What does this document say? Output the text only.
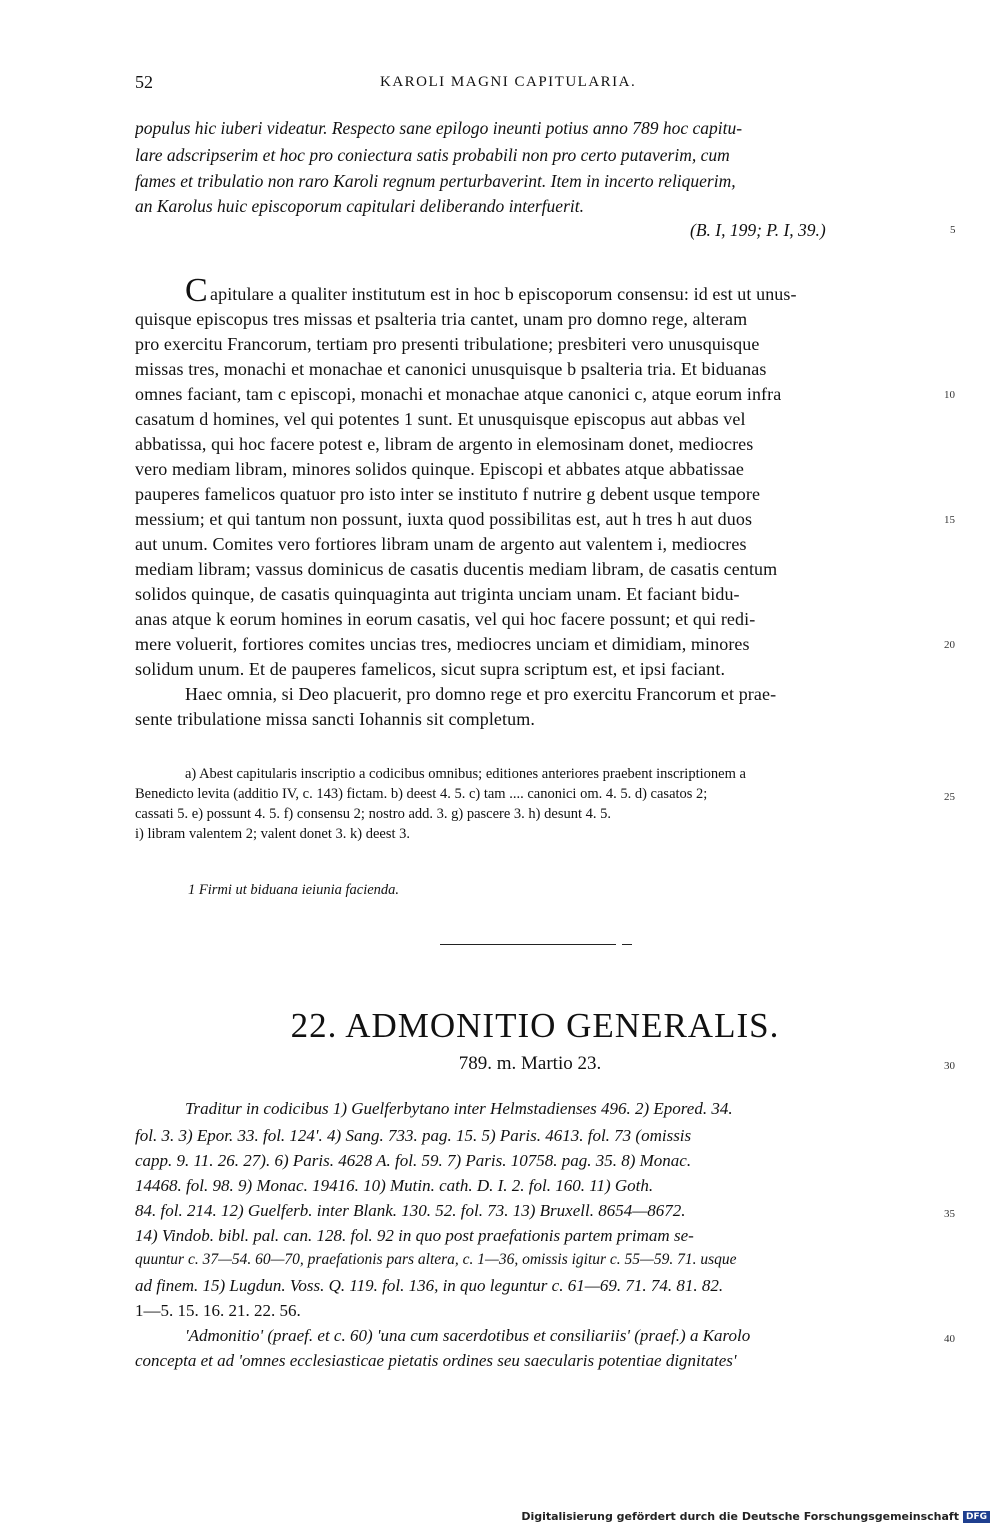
52	KAROLI MAGNI CAPITULARIA.
populus hic iuberi videatur. Respecto sane epilogo ineunti potius anno 789 hoc capitu-
lare adscripserim et hoc pro coniectura satis probabili non pro certo putaverim, cum
fames et tribulatio non raro Karoli regnum perturbaverint. Item in incerto reliquerim,
an Karolus huic episcoporum capitulari deliberando interfuerit.
(B. I, 199; P. I, 39.)
C apitulare a qualiter institutum est in hoc b episcoporum consensu: id est ut unus-
quisque episcopus tres missas et psalteria tria cantet, unam pro domno rege, alteram
pro exercitu Francorum, tertiam pro presenti tribulatione; presbiteri vero unusquisque
missas tres, monachi et monachae et canonici unusquisque b psalteria tria. Et biduanas
omnes faciant, tam c episcopi, monachi et monachae atque canonici c, atque eorum infra
casatum d homines, vel qui potentes 1 sunt. Et unusquisque episcopus aut abbas vel
abbatissa, qui hoc facere potest e, libram de argento in elemosinam donet, mediocres
vero mediam libram, minores solidos quinque. Episcopi et abbates atque abbatissae
pauperes famelicos quatuor pro isto inter se instituto f nutrire g debent usque tempore
messium; et qui tantum non possunt, iuxta quod possibilitas est, aut h tres h aut duos
aut unum. Comites vero fortiores libram unam de argento aut valentem i, mediocres
mediam libram; vassus dominicus de casatis ducentis mediam libram, de casatis centum
solidos quinque, de casatis quinquaginta aut triginta unciam unam. Et faciant bidu-
anas atque k eorum homines in eorum casatis, vel qui hoc facere possunt; et qui redi-
mere voluerit, fortiores comites uncias tres, mediocres unciam et dimidiam, minores
solidum unum. Et de pauperes famelicos, sicut supra scriptum est, et ipsi faciant.
Haec omnia, si Deo placuerit, pro domno rege et pro exercitu Francorum et prae-
sente tribulatione missa sancti Iohannis sit completum.
a) Abest capitularis inscriptio a codicibus omnibus; editiones anteriores praebent inscriptionem a
Benedicto levita (additio IV, c. 143) fictam. b) deest 4. 5. c) tam .... canonici om. 4. 5. d) casatos 2;
cassati 5. e) possunt 4. 5. f) consensu 2; nostro add. 3. g) pascere 3. h) desunt 4. 5.
i) libram valentem 2; valent donet 3. k) deest 3.
1 Firmi ut biduana ieiunia facienda.
22. ADMONITIO GENERALIS.
789. m. Martio 23.
Traditur in codicibus 1) Guelferbytano inter Helmstadienses 496. 2) Epored. 34.
fol. 3. 3) Epor. 33. fol. 124'. 4) Sang. 733. pag. 15. 5) Paris. 4613. fol. 73 (omissis
capp. 9. 11. 26. 27). 6) Paris. 4628 A. fol. 59. 7) Paris. 10758. pag. 35. 8) Monac.
14468. fol. 98. 9) Monac. 19416. 10) Mutin. cath. D. I. 2. fol. 160. 11) Goth.
84. fol. 214. 12) Guelferb. inter Blank. 130. 52. fol. 73. 13) Bruxell. 8654—8672.
14) Vindob. bibl. pal. can. 128. fol. 92 in quo post praefationis partem primam se-
quuntur c. 37—54. 60—70, praefationis pars altera, c. 1—36, omissis igitur c. 55—59. 71. usque
ad finem. 15) Lugdun. Voss. Q. 119. fol. 136, in quo leguntur c. 61—69. 71. 74. 81. 82.
1—5. 15. 16. 21. 22. 56.
'Admonitio' (praef. et c. 60) 'una cum sacerdotibus et consiliariis' (praef.) a Karolo
concepta et ad 'omnes ecclesiasticae pietatis ordines seu saecularis potentiae dignitates'
5
10
15
20
25
30
35
40
Digitalisierung gefördert durch die Deutsche Forschungsgemeinschaft DFG
